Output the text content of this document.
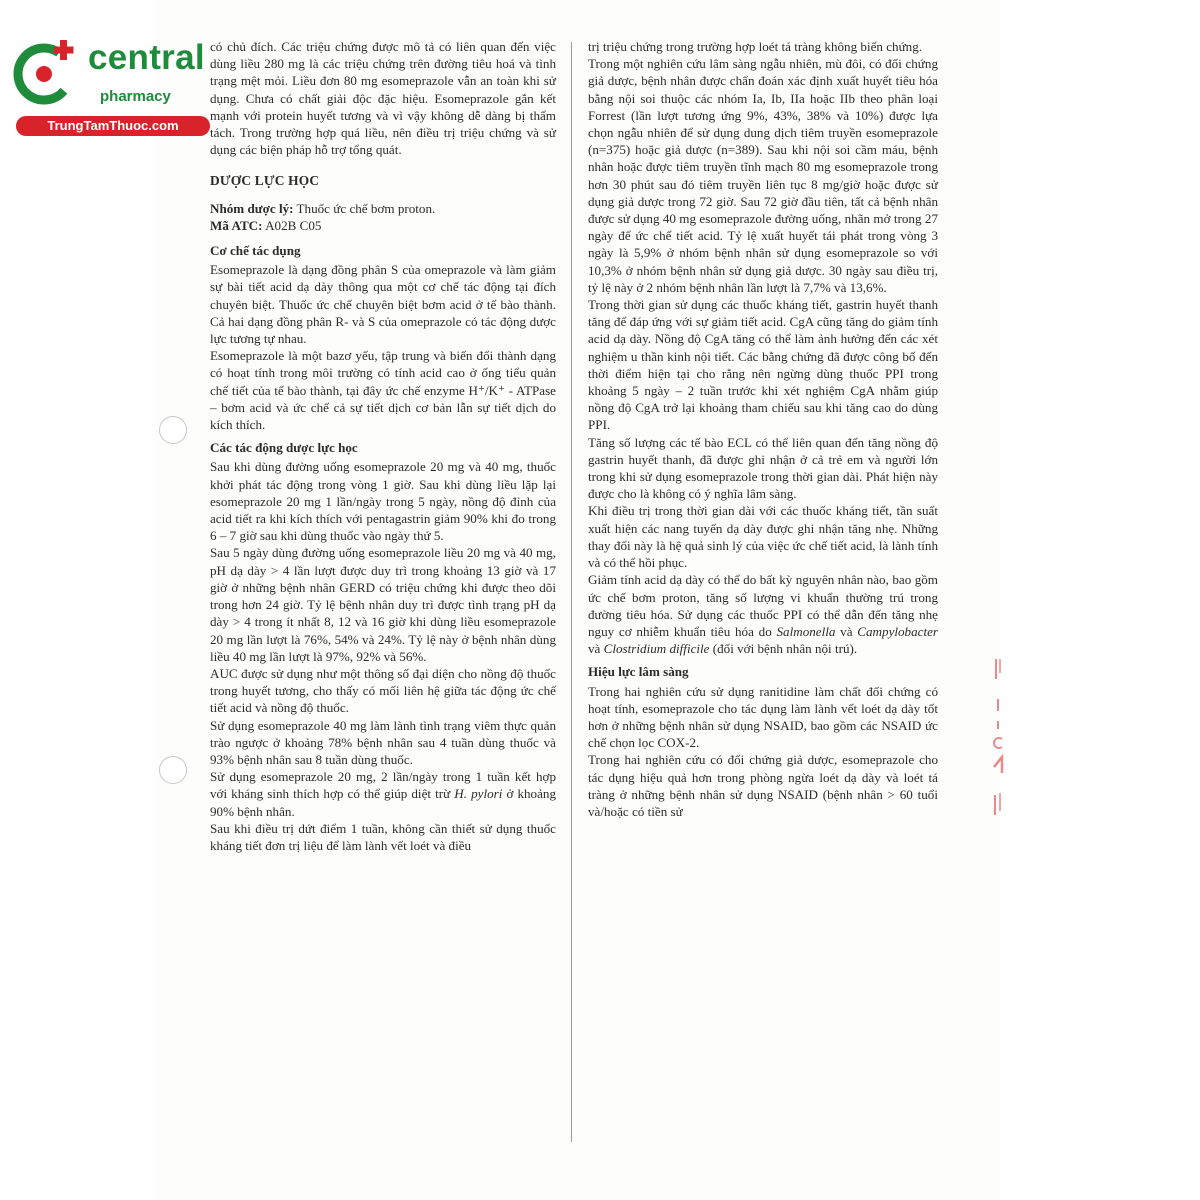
central
pharmacy
TrungTamThuoc.com

có chủ đích. Các triệu chứng được mô tả có liên quan đến việc dùng liều 280 mg là các triệu chứng trên đường tiêu hoá và tình trạng mệt mỏi. Liều đơn 80 mg esomeprazole vẫn an toàn khi sử dụng. Chưa có chất giải độc đặc hiệu. Esomeprazole gắn kết mạnh với protein huyết tương và vì vậy không dễ dàng bị thẩm tách. Trong trường hợp quá liều, nên điều trị triệu chứng và sử dụng các biện pháp hỗ trợ tổng quát.

DƯỢC LỰC HỌC

Nhóm dược lý: Thuốc ức chế bơm proton.

Mã ATC: A02B C05

Cơ chế tác dụng

Esomeprazole là dạng đồng phân S của omeprazole và làm giảm sự bài tiết acid dạ dày thông qua một cơ chế tác động tại đích chuyên biệt. Thuốc ức chế chuyên biệt bơm acid ở tế bào thành. Cả hai dạng đồng phân R- và S của omeprazole có tác động dược lực tương tự nhau.

Esomeprazole là một bazơ yếu, tập trung và biến đổi thành dạng có hoạt tính trong môi trường có tính acid cao ở ống tiểu quản chế tiết của tế bào thành, tại đây ức chế enzyme H⁺/K⁺ - ATPase – bơm acid và ức chế cả sự tiết dịch cơ bản lẫn sự tiết dịch do kích thích.

Các tác động dược lực học

Sau khi dùng đường uống esomeprazole 20 mg và 40 mg, thuốc khởi phát tác động trong vòng 1 giờ. Sau khi dùng liều lặp lại esomeprazole 20 mg 1 lần/ngày trong 5 ngày, nồng độ đỉnh của acid tiết ra khi kích thích với pentagastrin giảm 90% khi đo trong 6 – 7 giờ sau khi dùng thuốc vào ngày thứ 5.

Sau 5 ngày dùng đường uống esomeprazole liều 20 mg và 40 mg, pH dạ dày > 4 lần lượt được duy trì trong khoảng 13 giờ và 17 giờ ở những bệnh nhân GERD có triệu chứng khi được theo dõi trong hơn 24 giờ. Tỷ lệ bệnh nhân duy trì được tình trạng pH dạ dày > 4 trong ít nhất 8, 12 và 16 giờ khi dùng liều esomeprazole 20 mg lần lượt là 76%, 54% và 24%. Tỷ lệ này ở bệnh nhân dùng liều 40 mg lần lượt là 97%, 92% và 56%.

AUC được sử dụng như một thông số đại diện cho nồng độ thuốc trong huyết tương, cho thấy có mối liên hệ giữa tác động ức chế tiết acid và nồng độ thuốc.

Sử dụng esomeprazole 40 mg làm lành tình trạng viêm thực quản trào ngược ở khoảng 78% bệnh nhân sau 4 tuần dùng thuốc và 93% bệnh nhân sau 8 tuần dùng thuốc.

Sử dụng esomeprazole 20 mg, 2 lần/ngày trong 1 tuần kết hợp với kháng sinh thích hợp có thể giúp diệt trừ H. pylori ở khoảng 90% bệnh nhân.

Sau khi điều trị dứt điểm 1 tuần, không cần thiết sử dụng thuốc kháng tiết đơn trị liệu để làm lành vết loét và điều

trị triệu chứng trong trường hợp loét tá tràng không biến chứng.

Trong một nghiên cứu lâm sàng ngẫu nhiên, mù đôi, có đối chứng giả dược, bệnh nhân được chẩn đoán xác định xuất huyết tiêu hóa bằng nội soi thuộc các nhóm Ia, Ib, IIa hoặc IIb theo phân loại Forrest (lần lượt tương ứng 9%, 43%, 38% và 10%) được lựa chọn ngẫu nhiên để sử dụng dung dịch tiêm truyền esomeprazole (n=375) hoặc giả dược (n=389). Sau khi nội soi cầm máu, bệnh nhân hoặc được tiêm truyền tĩnh mạch 80 mg esomeprazole trong hơn 30 phút sau đó tiêm truyền liên tục 8 mg/giờ hoặc được sử dụng giả dược trong 72 giờ. Sau 72 giờ đầu tiên, tất cả bệnh nhân được sử dụng 40 mg esomeprazole đường uống, nhãn mở trong 27 ngày để ức chế tiết acid. Tỷ lệ xuất huyết tái phát trong vòng 3 ngày là 5,9% ở nhóm bệnh nhân sử dụng esomeprazole so với 10,3% ở nhóm bệnh nhân sử dụng giả dược. 30 ngày sau điều trị, tỷ lệ này ở 2 nhóm bệnh nhân lần lượt là 7,7% và 13,6%.

Trong thời gian sử dụng các thuốc kháng tiết, gastrin huyết thanh tăng để đáp ứng với sự giảm tiết acid. CgA cũng tăng do giảm tính acid dạ dày. Nồng độ CgA tăng có thể làm ảnh hưởng đến các xét nghiệm u thần kinh nội tiết. Các bằng chứng đã được công bố đến thời điểm hiện tại cho rằng nên ngừng dùng thuốc PPI trong khoảng 5 ngày – 2 tuần trước khi xét nghiệm CgA nhằm giúp nồng độ CgA trở lại khoảng tham chiếu sau khi tăng cao do dùng PPI.

Tăng số lượng các tế bào ECL có thể liên quan đến tăng nồng độ gastrin huyết thanh, đã được ghi nhận ở cả trẻ em và người lớn trong khi sử dụng esomeprazole trong thời gian dài. Phát hiện này được cho là không có ý nghĩa lâm sàng.

Khi điều trị trong thời gian dài với các thuốc kháng tiết, tần suất xuất hiện các nang tuyến dạ dày được ghi nhận tăng nhẹ. Những thay đổi này là hệ quả sinh lý của việc ức chế tiết acid, là lành tính và có thể hồi phục.

Giảm tính acid dạ dày có thể do bất kỳ nguyên nhân nào, bao gồm ức chế bơm proton, tăng số lượng vi khuẩn thường trú trong đường tiêu hóa. Sử dụng các thuốc PPI có thể dẫn đến tăng nhẹ nguy cơ nhiễm khuẩn tiêu hóa do Salmonella và Campylobacter và Clostridium difficile (đối với bệnh nhân nội trú).

Hiệu lực lâm sàng

Trong hai nghiên cứu sử dụng ranitidine làm chất đối chứng có hoạt tính, esomeprazole cho tác dụng làm lành vết loét dạ dày tốt hơn ở những bệnh nhân sử dụng NSAID, bao gồm các NSAID ức chế chọn lọc COX-2.

Trong hai nghiên cứu có đối chứng giả dược, esomeprazole cho tác dụng hiệu quả hơn trong phòng ngừa loét dạ dày và loét tá tràng ở những bệnh nhân sử dụng NSAID (bệnh nhân > 60 tuổi và/hoặc có tiền sử
